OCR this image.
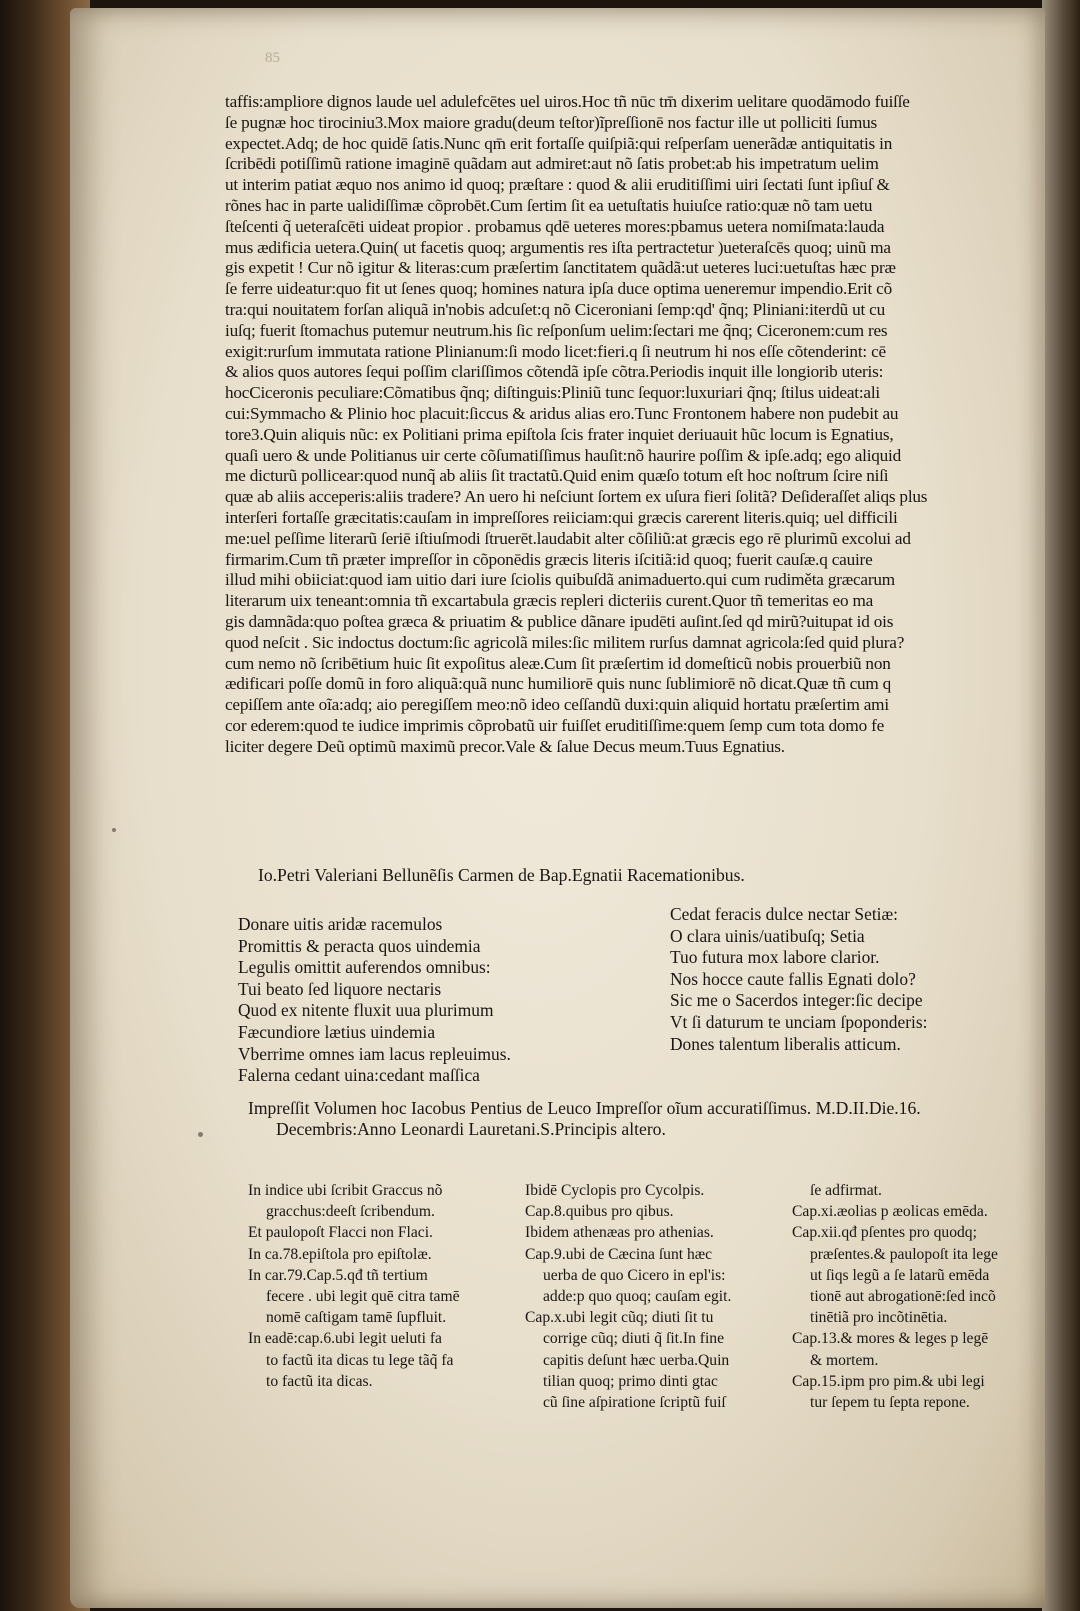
85

taffis:ampliore dignos laude uel adulefcētes uel uiros.Hoc tñ nūc tm̄ dixerim uelitare quodāmodo fuiſſe

ſe pugnæ hoc tirociniu3.Mox maiore gradu(deum teſtor)ĩpreſſionē nos factur ille ut polliciti ſumus

expectet.Adq; de hoc quidē ſatis.Nunc qm̄ erit fortaſſe quiſpiã:qui reſperſam uenerãdæ antiquitatis in

ſcribēdi potiſſimũ ratione imaginē quãdam aut admiret:aut nõ ſatis probet:ab his impetratum uelim

ut interim patiat æquo nos animo id quoq; præſtare : quod & alii eruditiſſimi uiri ſectati ſunt ipſiuſ &

rõnes hac in parte ualidiſſimæ cõprobēt.Cum ſertim ſit ea uetuſtatis huiuſce ratio:quæ nõ tam uetu

ſteſcenti q̃ ueteraſcēti uideat propior . probamus qdē ueteres mores:pbamus uetera nomiſmata:lauda

mus ædificia uetera.Quin( ut facetis quoq; argumentis res iſta pertractetur )ueteraſcēs quoq; uinũ ma

gis expetit ! Cur nõ igitur & literas:cum præſertim ſanctitatem quãdã:ut ueteres luci:uetuſtas hæc præ

ſe ferre uideatur:quo fit ut ſenes quoq; homines natura ipſa duce optima ueneremur impendio.Erit cõ

tra:qui nouitatem forſan aliquã in'nobis adcuſet:q nõ Ciceroniani ſemp:qd' q̃nq; Pliniani:iterdũ ut cu

iuſq; fuerit ſtomachus putemur neutrum.his ſic reſponſum uelim:ſectari me q̃nq; Ciceronem:cum res

exigit:rurſum immutata ratione Plinianum:ſi modo licet:fieri.q ſi neutrum hi nos eſſe cõtenderint: cē

& alios quos autores ſequi poſſim clariſſimos cõtendã ipſe cõtra.Periodis inquit ille longiorib uteris:

hocCiceronis peculiare:Cõmatibus q̃nq; diſtinguis:Pliniũ tunc ſequor:luxuriari q̃nq; ſtilus uideat:ali

cui:Symmacho & Plinio hoc placuit:ſiccus & aridus alias ero.Tunc Frontonem habere non pudebit au

tore3.Quin aliquis nũc: ex Politiani prima epiſtola ſcis frater inquiet deriuauit hũc locum is Egnatius,

quaſi uero & unde Politianus uir certe cõſumatiſſimus hauſit:nõ haurire poſſim & ipſe.adq; ego aliquid

me dicturũ pollicear:quod nunq̃ ab aliis ſit tractatũ.Quid enim quæſo totum eſt hoc noſtrum ſcire niſi

quæ ab aliis acceperis:aliis tradere? An uero hi neſciunt ſortem ex uſura fieri ſolitã? Deſideraſſet aliqs plus

interſeri fortaſſe græcitatis:cauſam in impreſſores reiiciam:qui græcis carerent literis.quiq; uel difficili

me:uel peſſime literarũ ſeriē iſtiuſmodi ſtruerēt.laudabit alter cõſiliũ:at græcis ego rē plurimũ excolui ad

firmarim.Cum tñ præter impreſſor in cõponēdis græcis literis iſcitiã:id quoq; fuerit cauſæ.q cauire

illud mihi obiiciat:quod iam uitio dari iure ſciolis quibuſdã animaduerto.qui cum rudiměta græcarum

literarum uix teneant:omnia tñ excartabula græcis repleri dicteriis curent.Quor tñ temeritas eo ma

gis damnãda:quo poſtea græca & priuatim & publice dãnare ipudēti auſint.ſed qd mirũ?uitupat id ois

quod neſcit . Sic indoctus doctum:ſic agricolã miles:ſic militem rurſus damnat agricola:ſed quid plura?

cum nemo nõ ſcribētium huic ſit expoſitus aleæ.Cum ſit præſertim id domeſticũ nobis prouerbiũ non

ædificari poſſe domũ in foro aliquã:quã nunc humiliorē quis nunc ſublimiorē nõ dicat.Quæ tñ cum q

cepiſſem ante oĩa:adq; aio peregiſſem meo:nõ ideo ceſſandũ duxi:quin aliquid hortatu præſertim ami

cor ederem:quod te iudice imprimis cõprobatũ uir fuiſſet eruditiſſime:quem ſemp cum tota domo fe

liciter degere Deũ optimũ maximũ precor.Vale & ſalue Decus meum.Tuus Egnatius.

Io.Petri Valeriani Bellunẽſis Carmen de Bap.Egnatii Racemationibus.

Donare uitis aridæ racemulos

Promittis & peracta quos uindemia

Legulis omittit auferendos omnibus:

Tui beato ſed liquore nectaris

Quod ex nitente fluxit uua plurimum

Fæcundiore lætius uindemia

Vberrime omnes iam lacus repleuimus.

Falerna cedant uina:cedant maſſica

Cedat feracis dulce nectar Setiæ:

O clara uinis/uatibuſq; Setia

Tuo futura mox labore clarior.

Nos hocce caute fallis Egnati dolo?

Sic me o Sacerdos integer:ſic decipe

Vt ſi daturum te unciam ſpoponderis:

Dones talentum liberalis atticum.

Impreſſit Volumen hoc Iacobus Pentius de Leuco Impreſſor oĩum accuratiſſimus. M.D.II.Die.16.

Decembris:Anno Leonardi Lauretani.S.Principis altero.

In indice ubi ſcribit Graccus nõ

gracchus:deeſt ſcribendum.

Et paulopoſt Flacci non Flaci.

In ca.78.epiſtola pro epiſtolæ.

In car.79.Cap.5.qđ tñ tertium

fecere . ubi legit quē citra tamē

nomē caſtigam tamē ſupfluit.

In eadē:cap.6.ubi legit ueluti fa

to factũ ita dicas tu lege tãq̃ fa

to factũ ita dicas.

Ibidē Cyclopis pro Cycolpis.

Cap.8.quibus pro qibus.

Ibidem athenæas pro athenias.

Cap.9.ubi de Cæcina ſunt hæc

uerba de quo Cicero in epl'is:

adde:p quo quoq; cauſam egit.

Cap.x.ubi legit cũq; diuti ſit tu

corrige cũq; diuti q̃ ſit.In fine

capitis deſunt hæc uerba.Quin

tilian quoq; primo dinti gtac

cũ ſine aſpiratione ſcriptũ fuiſ

ſe adfirmat.

Cap.xi.æolias p æolicas emēda.

Cap.xii.qđ pſentes pro quodq;

præſentes.& paulopoſt ita lege

ut ſiqs legũ a ſe latarũ emēda

tionē aut abrogationē:ſed incõ

tinētiã pro incõtinētia.

Cap.13.& mores & leges p legē

& mortem.

Cap.15.ipm pro pim.& ubi legi

tur ſepem tu ſepta repone.
